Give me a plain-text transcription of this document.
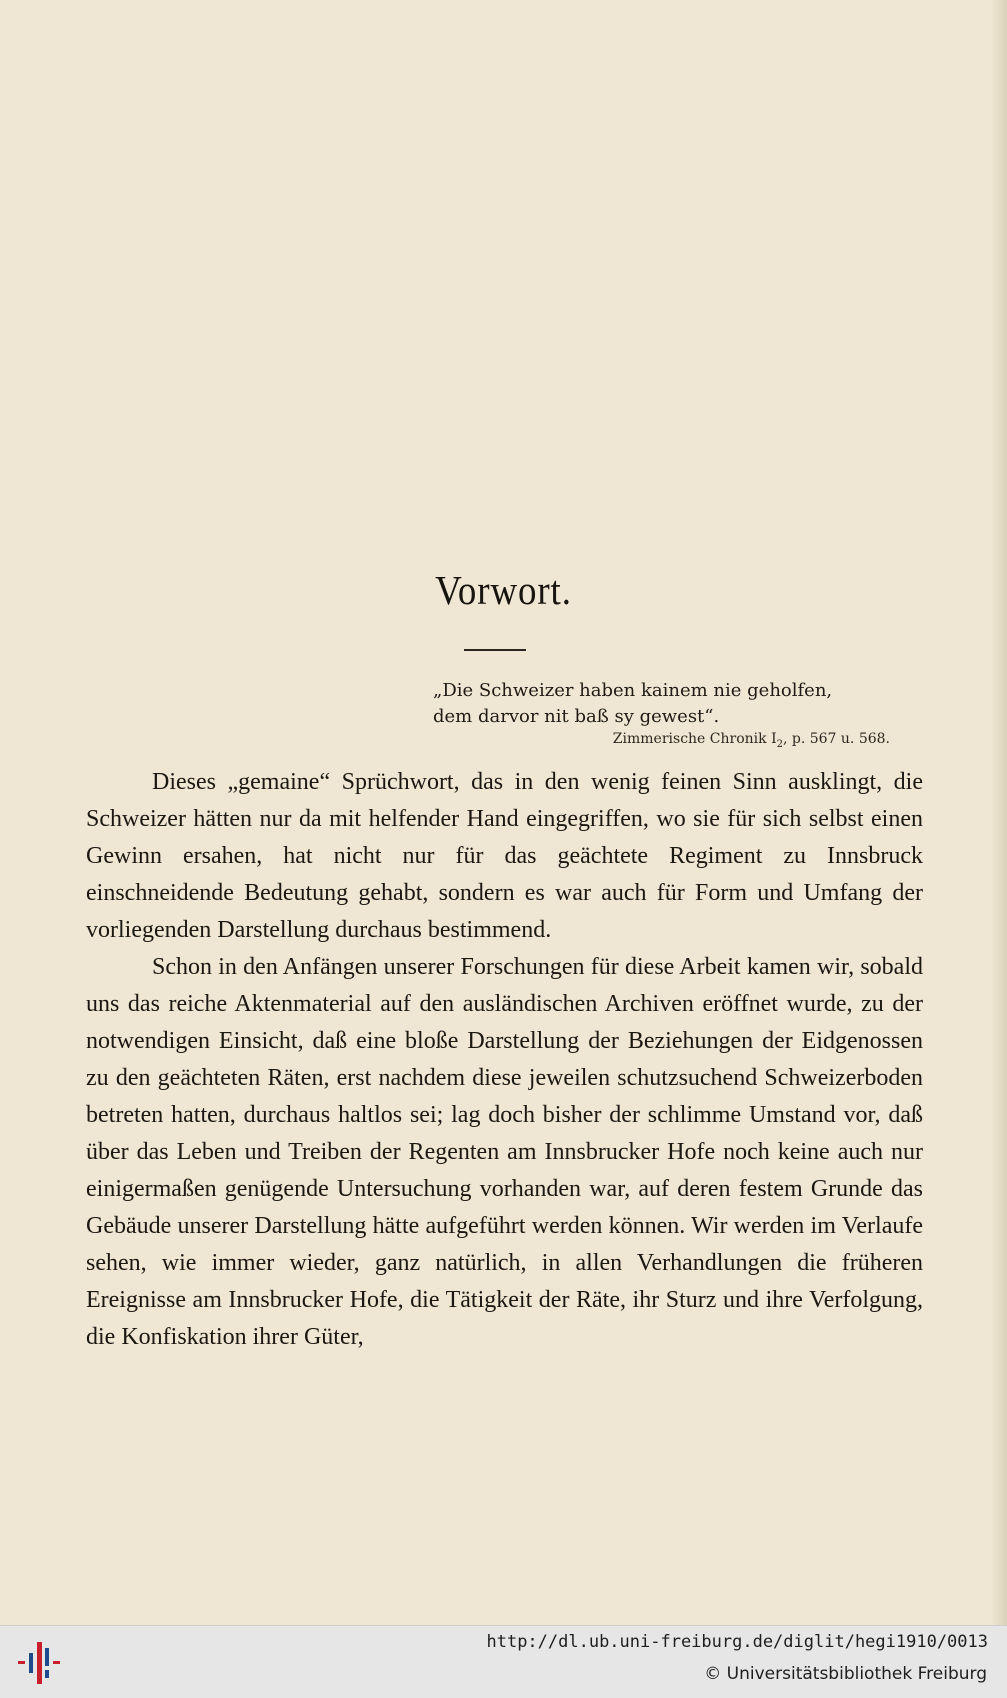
Vorwort.
„Die Schweizer haben kainem nie geholfen,
dem darvor nit baß sy gewest“.
Zimmerische Chronik $I_2$, p. 567 u. 568.

Dieses „gemaine“ Sprüchwort, das in den wenig feinen Sinn ausklingt, die Schweizer hätten nur da mit helfender Hand eingegriffen, wo sie für sich selbst einen Gewinn ersahen, hat nicht nur für das geächtete Regiment zu Innsbruck einschneidende Bedeutung gehabt, sondern es war auch für Form und Umfang der vorliegenden Darstellung durchaus bestimmend.

Schon in den Anfängen unserer Forschungen für diese Arbeit kamen wir, sobald uns das reiche Aktenmaterial auf den ausländischen Archiven eröffnet wurde, zu der notwendigen Einsicht, daß eine bloße Darstellung der Beziehungen der Eidgenossen zu den geächteten Räten, erst nachdem diese jeweilen schutzsuchend Schweizerboden betreten hatten, durchaus haltlos sei; lag doch bisher der schlimme Umstand vor, daß über das Leben und Treiben der Regenten am Innsbrucker Hofe noch keine auch nur einigermaßen genügende Untersuchung vorhanden war, auf deren festem Grunde das Gebäude unserer Darstellung hätte aufgeführt werden können. Wir werden im Verlaufe sehen, wie immer wieder, ganz natürlich, in allen Verhandlungen die früheren Ereignisse am Innsbrucker Hofe, die Tätigkeit der Räte, ihr Sturz und ihre Verfolgung, die Konfiskation ihrer Güter,

http://dl.ub.uni-freiburg.de/diglit/hegi1910/0013
© Universitätsbibliothek Freiburg
